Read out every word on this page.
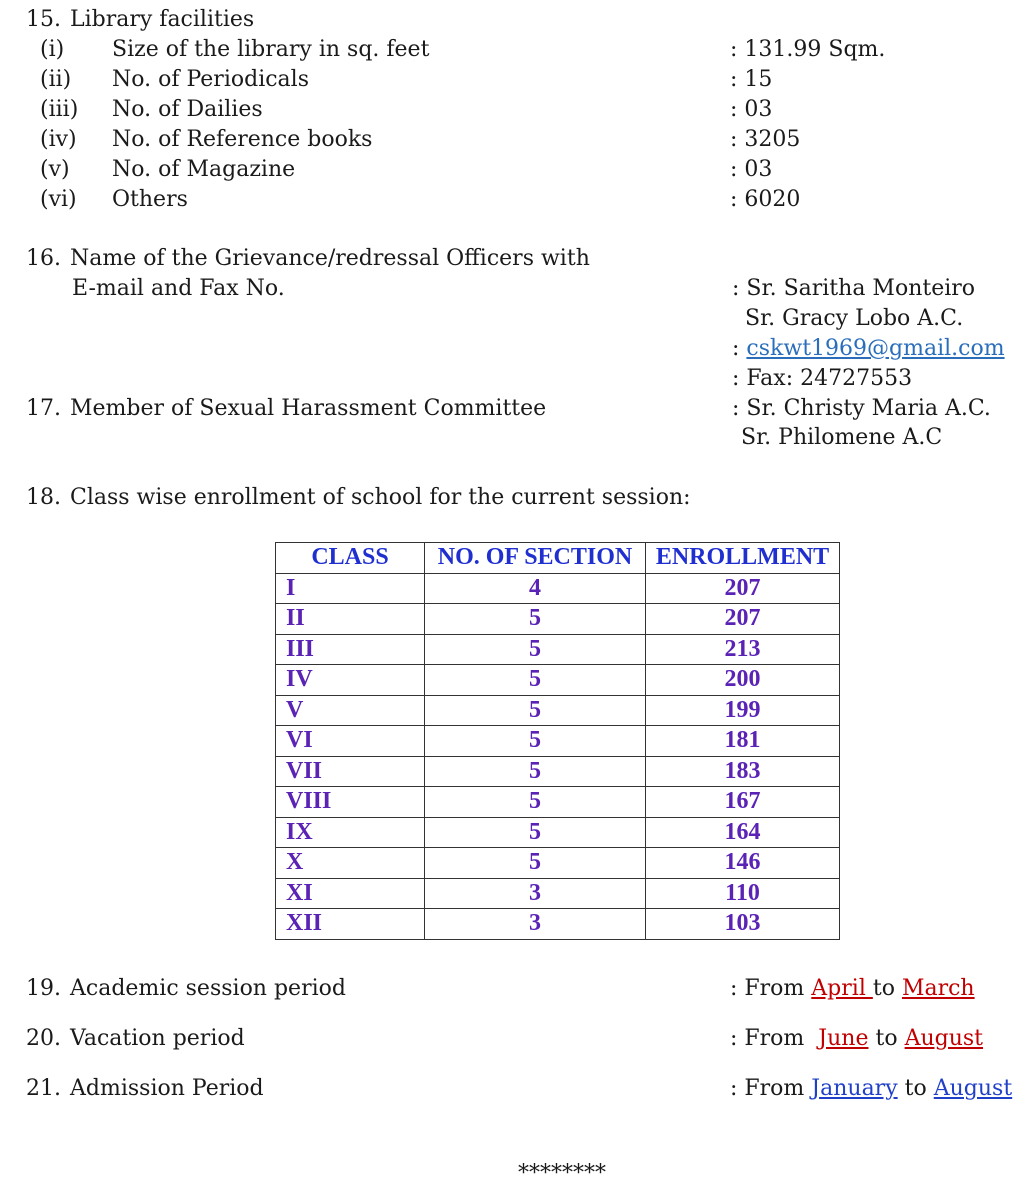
15. Library facilities
(i) Size of the library in sq. feet	: 131.99 Sqm.
(ii) No. of Periodicals	: 15
(iii) No. of Dailies	: 03
(iv) No. of Reference books	: 3205
(v) No. of Magazine	: 03
(vi) Others	: 6020
16. Name of the Grievance/redressal Officers with
E-mail and Fax No.	: Sr. Saritha Monteiro
Sr. Gracy Lobo A.C.
: cskwt1969@gmail.com
: Fax: 24727553
17. Member of Sexual Harassment Committee	: Sr. Christy Maria A.C.
Sr. Philomene A.C
18. Class wise enrollment of school for the current session:
CLASS	NO. OF SECTION	ENROLLMENT
I	4	207
II	5	207
III	5	213
IV	5	200
V	5	199
VI	5	181
VII	5	183
VIII	5	167
IX	5	164
X	5	146
XI	3	110
XII	3	103
19. Academic session period	: From April to March
20. Vacation period	: From  June to August
21. Admission Period	: From January to August
********
